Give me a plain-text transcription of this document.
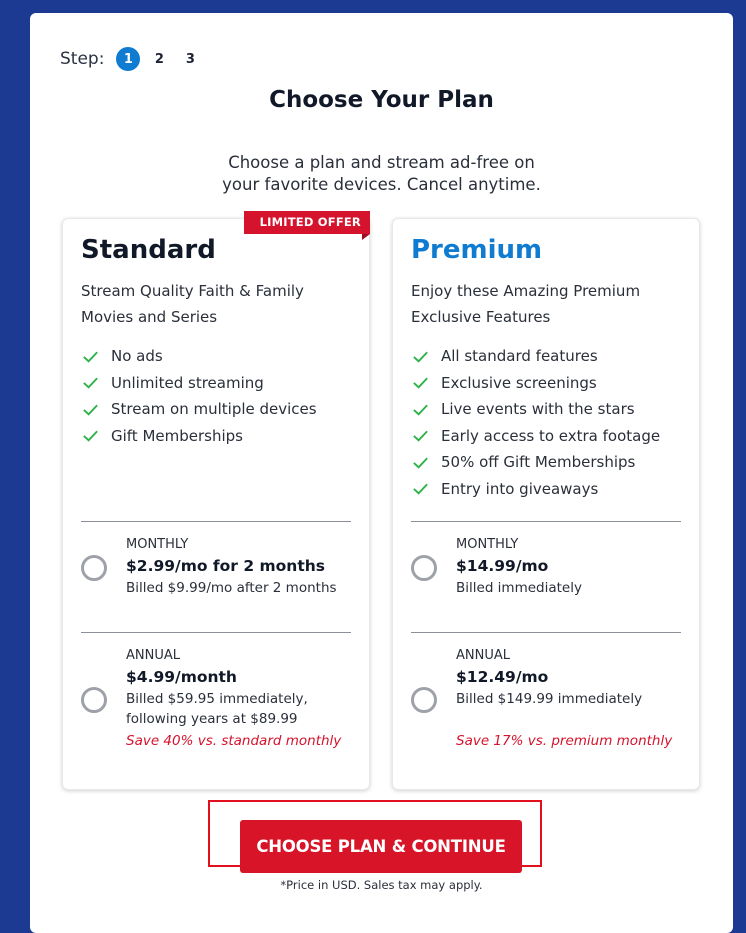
Step:	1	2	3
Choose Your Plan
Choose a plan and stream ad-free on
your favorite devices. Cancel anytime.
LIMITED OFFER
Standard
Stream Quality Faith & Family Movies and Series
No ads
Unlimited streaming
Stream on multiple devices
Gift Memberships
MONTHLY
$2.99/mo for 2 months
Billed $9.99/mo after 2 months
ANNUAL
$4.99/month
Billed $59.95 immediately, following years at $89.99
Save 40% vs. standard monthly
Premium
Enjoy these Amazing Premium Exclusive Features
All standard features
Exclusive screenings
Live events with the stars
Early access to extra footage
50% off Gift Memberships
Entry into giveaways
MONTHLY
$14.99/mo
Billed immediately
ANNUAL
$12.49/mo
Billed $149.99 immediately
Save 17% vs. premium monthly
CHOOSE PLAN & CONTINUE
*Price in USD. Sales tax may apply.
